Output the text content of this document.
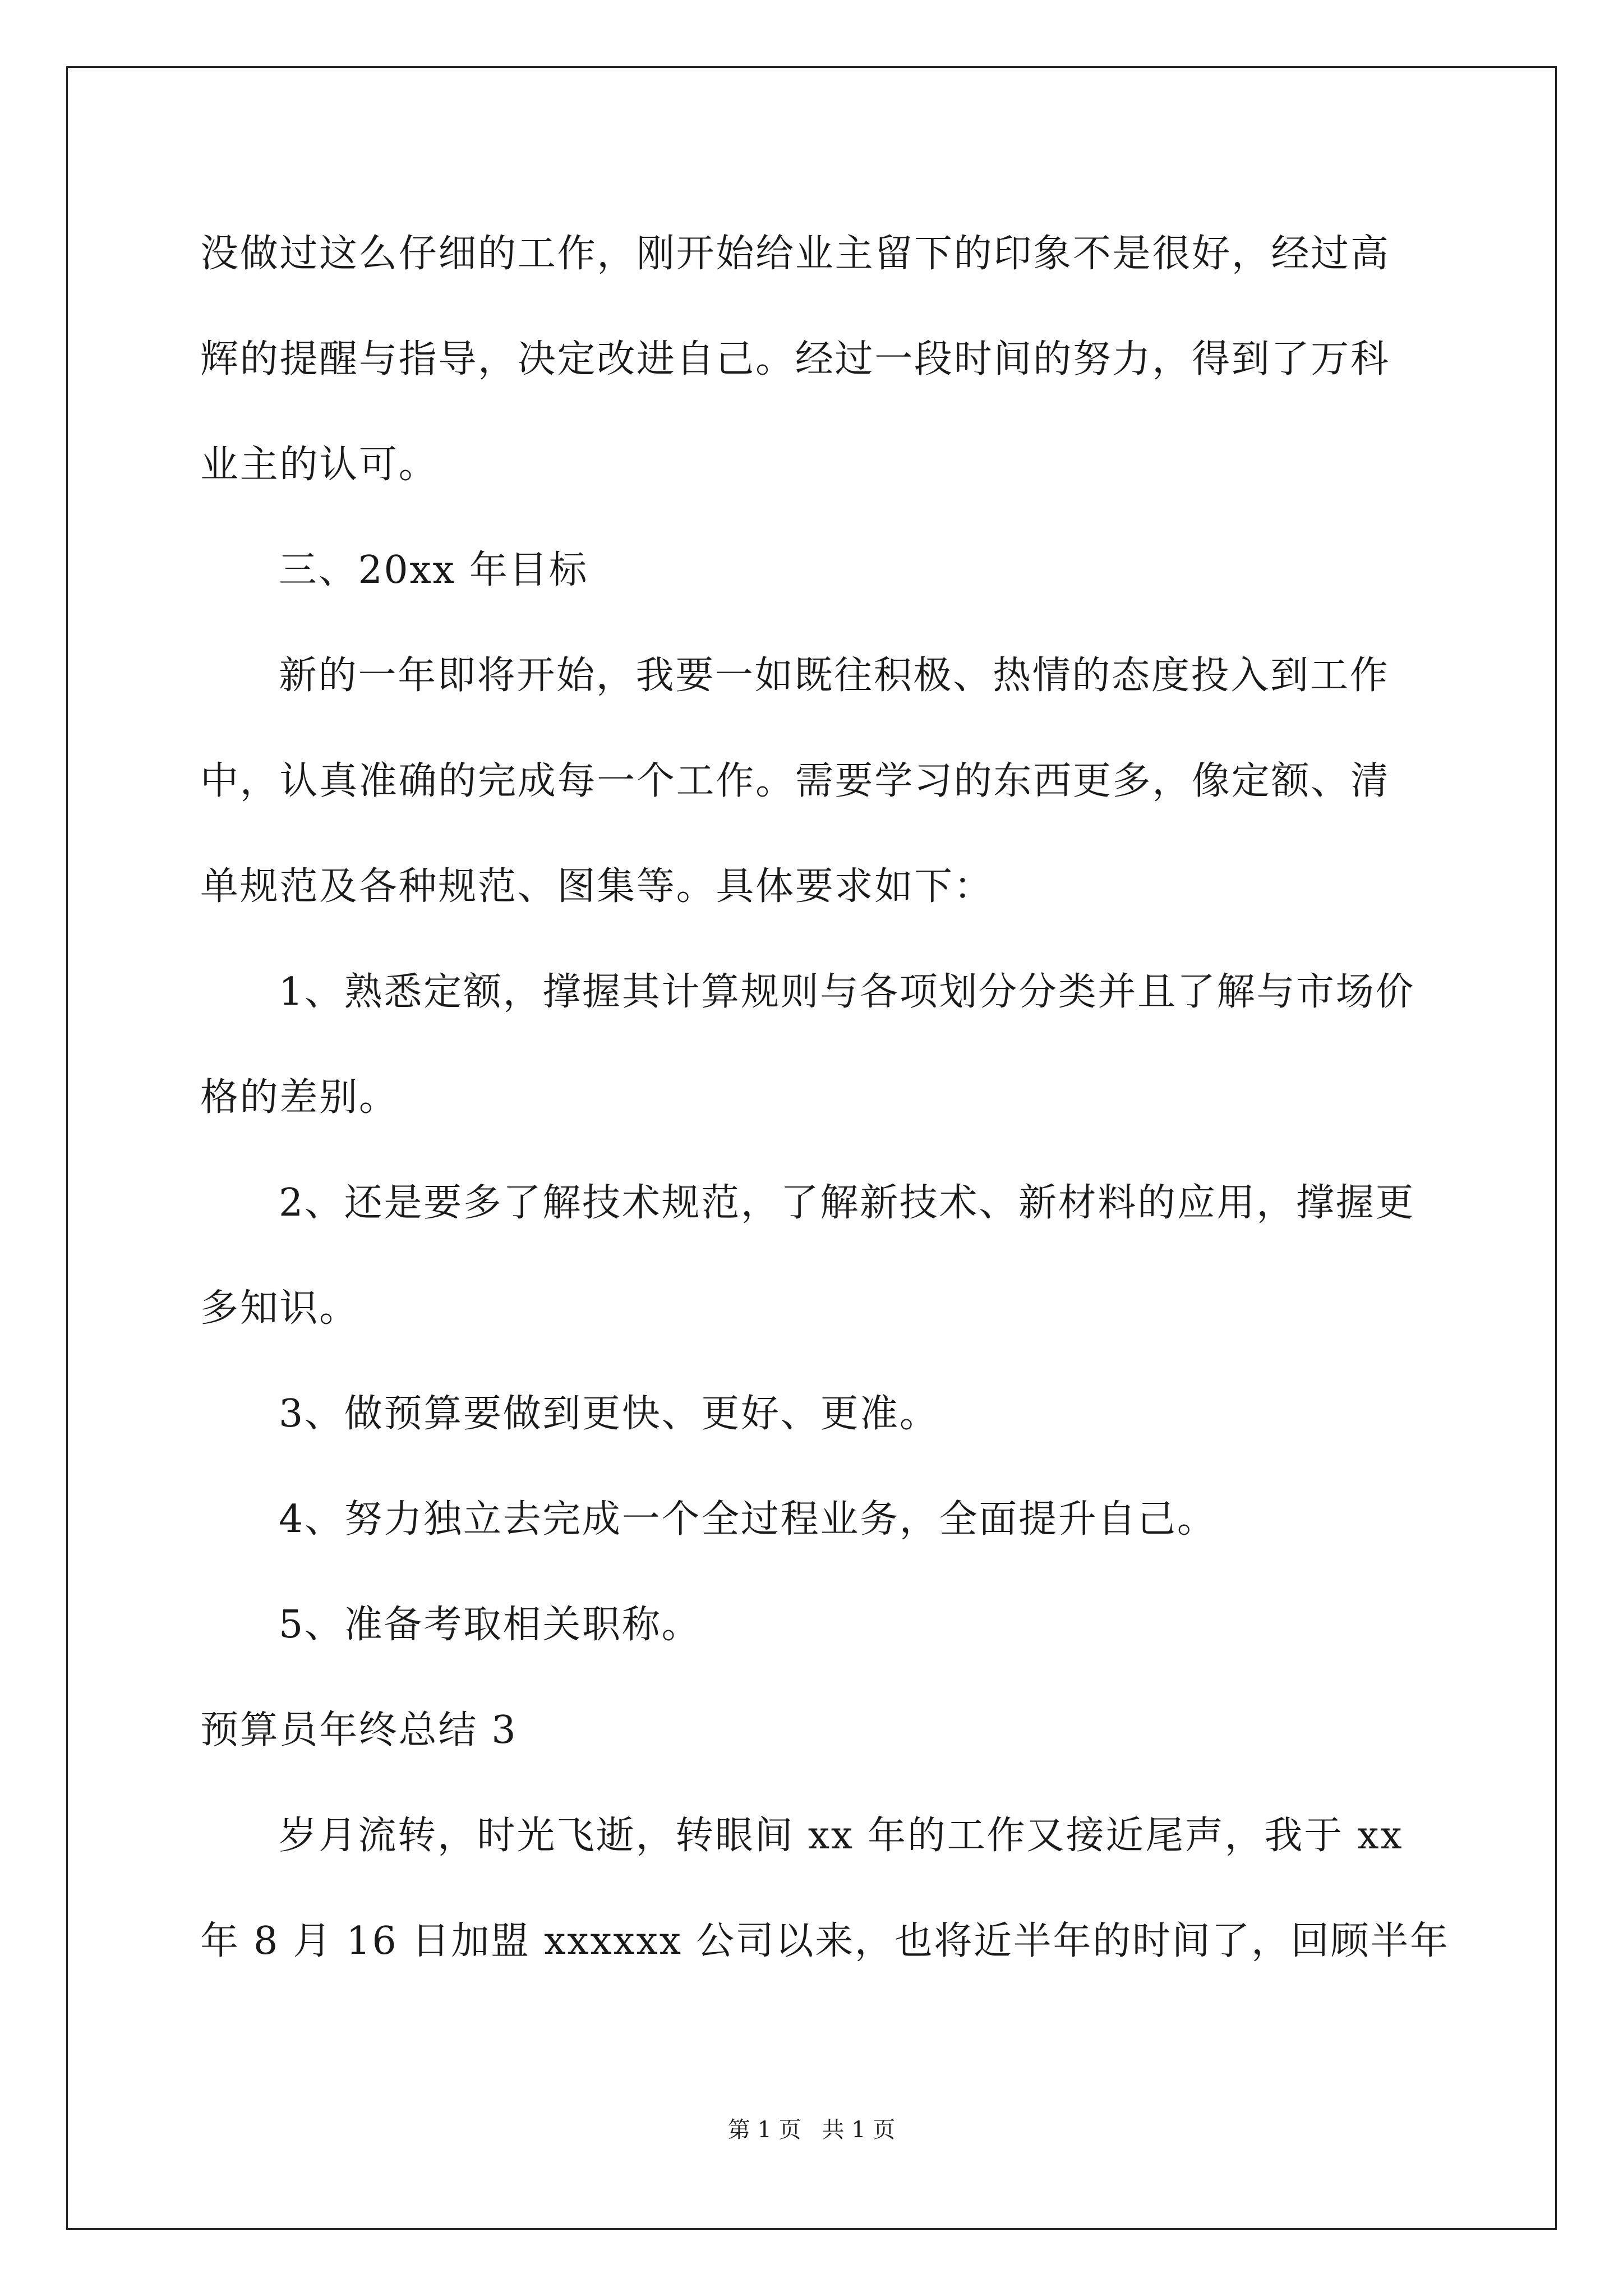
没做过这么仔细的工作，刚开始给业主留下的印象不是很好，经过高
辉的提醒与指导，决定改进自己。经过一段时间的努力，得到了万科
业主的认可。
三、20xx 年目标
新的一年即将开始，我要一如既往积极、热情的态度投入到工作
中，认真准确的完成每一个工作。需要学习的东西更多，像定额、清
单规范及各种规范、图集等。具体要求如下：
1、熟悉定额，撑握其计算规则与各项划分分类并且了解与市场价
格的差别。
2、还是要多了解技术规范，了解新技术、新材料的应用，撑握更
多知识。
3、做预算要做到更快、更好、更准。
4、努力独立去完成一个全过程业务，全面提升自己。
5、准备考取相关职称。
预算员年终总结 3
岁月流转，时光飞逝，转眼间 xx 年的工作又接近尾声，我于 xx
年 8 月 16 日加盟 xxxxxx 公司以来，也将近半年的时间了，回顾半年
第 1 页 共 1 页
